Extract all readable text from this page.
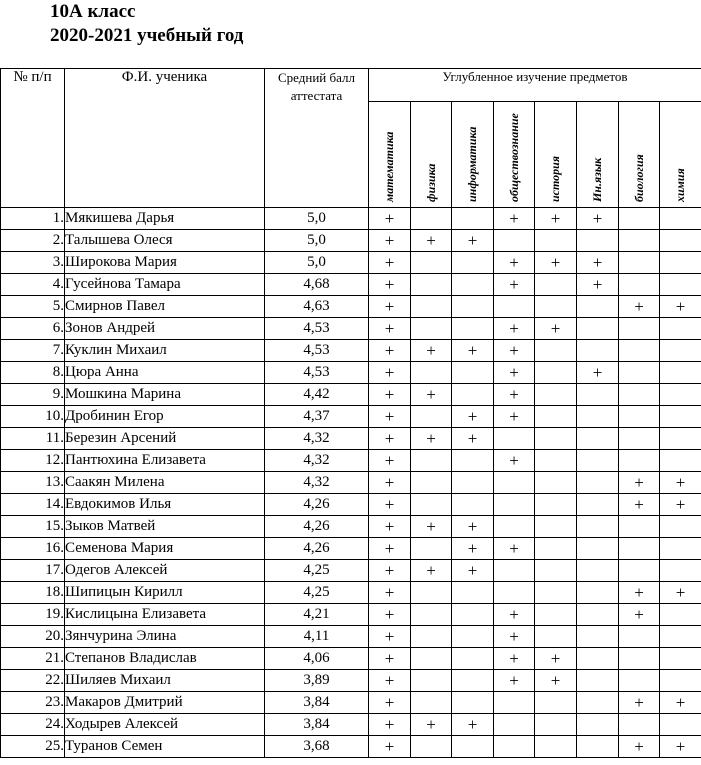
10А класс
2020-2021 учебный год
№ п/п	Ф.И. ученика	Средний балл аттестата	Углубленное изучение предметов							
			математика	физика	информатика	обществознание	история	Ин.язык	биология	химия
1.	Мякишева Дарья	5,0	+			+	+	+		
2.	Талышева Олеся	5,0	+	+	+					
3.	Широкова Мария	5,0	+			+	+	+		
4.	Гусейнова Тамара	4,68	+			+		+		
5.	Смирнов Павел	4,63	+						+	+
6.	Зонов Андрей	4,53	+			+	+			
7.	Куклин Михаил	4,53	+	+	+	+				
8.	Цюра Анна	4,53	+			+		+		
9.	Мошкина Марина	4,42	+	+		+				
10.	Дробинин Егор	4,37	+		+	+				
11.	Березин Арсений	4,32	+	+	+					
12.	Пантюхина Елизавета	4,32	+			+				
13.	Саакян Милена	4,32	+						+	+
14.	Евдокимов Илья	4,26	+						+	+
15.	Зыков Матвей	4,26	+	+	+					
16.	Семенова Мария	4,26	+		+	+				
17.	Одегов Алексей	4,25	+	+	+					
18.	Шипицын Кирилл	4,25	+						+	+
19.	Кислицына Елизавета	4,21	+			+			+	
20.	Зянчурина Элина	4,11	+			+				
21.	Степанов Владислав	4,06	+			+	+			
22.	Шиляев Михаил	3,89	+			+	+			
23.	Макаров Дмитрий	3,84	+						+	+
24.	Ходырев Алексей	3,84	+	+	+					
25.	Туранов Семен	3,68	+						+	+
